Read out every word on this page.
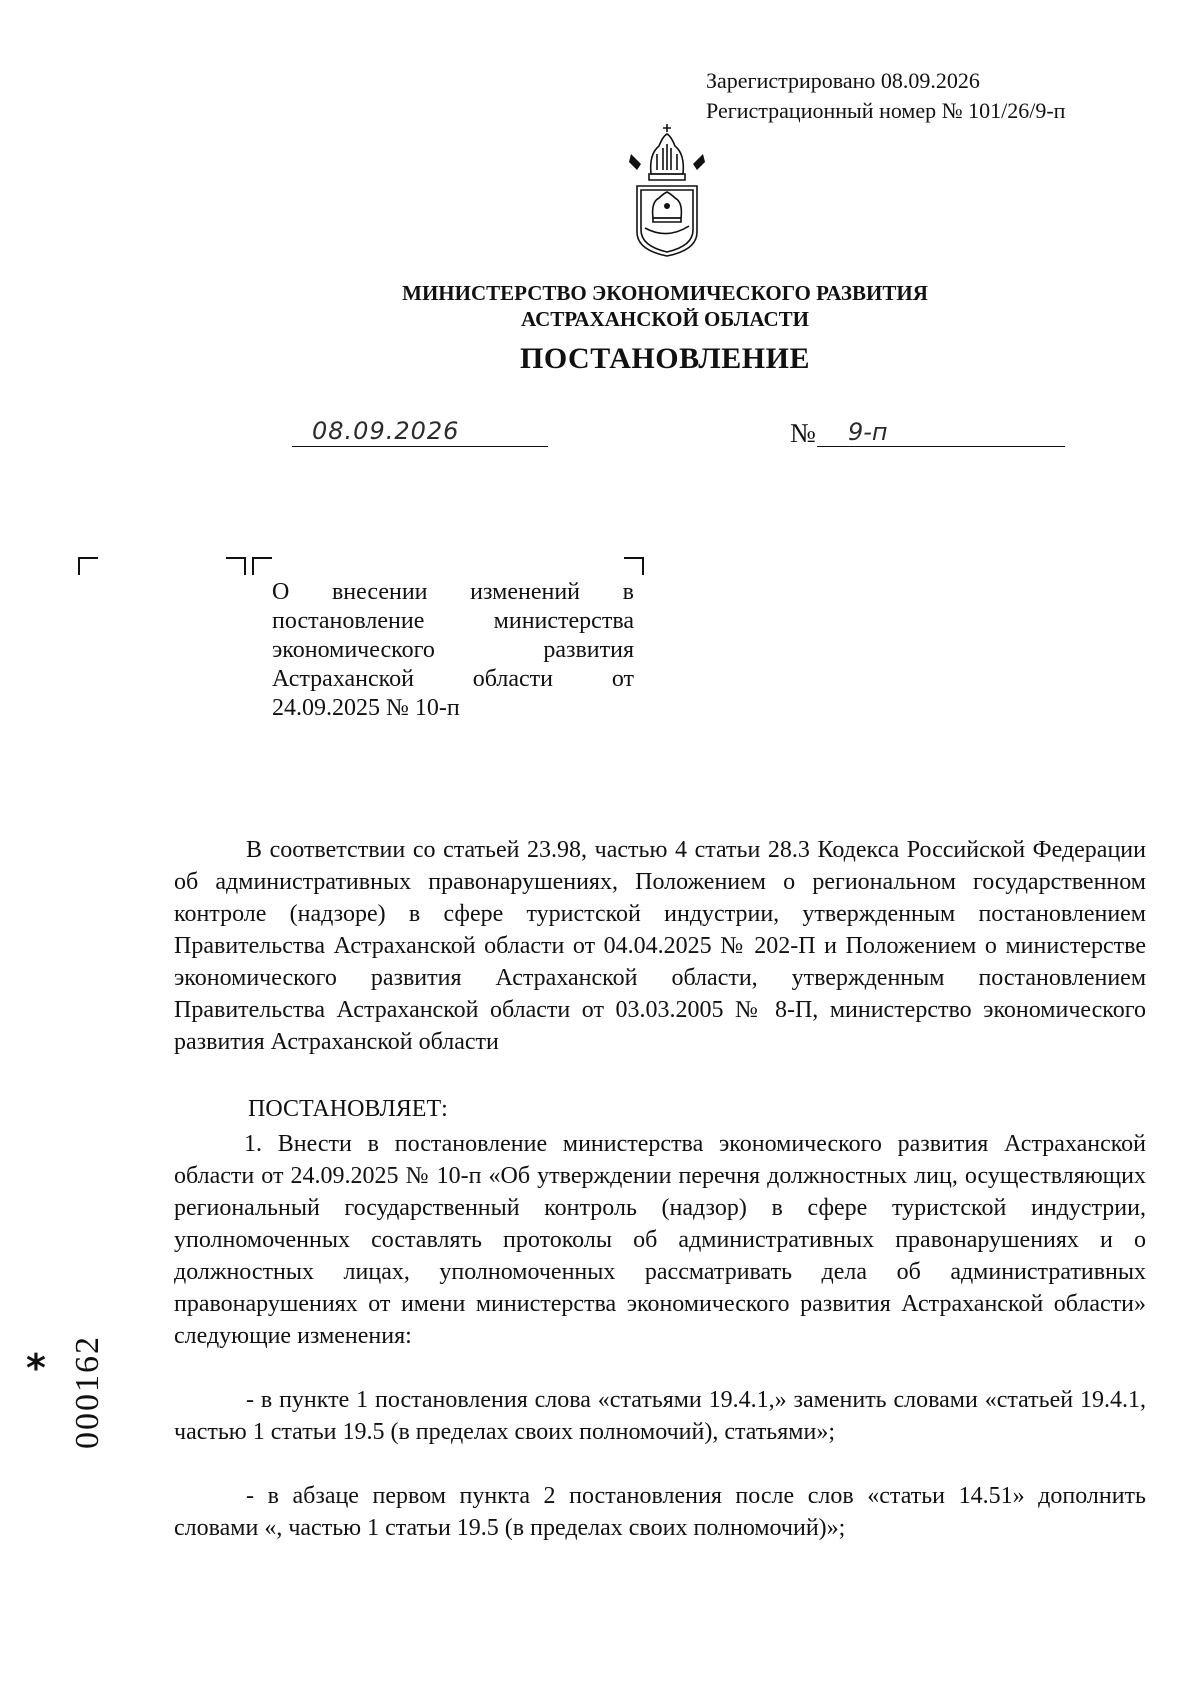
Зарегистрировано 08.09.2026
Регистрационный номер № 101/26/9-п
МИНИСТЕРСТВО ЭКОНОМИЧЕСКОГО РАЗВИТИЯ
АСТРАХАНСКОЙ ОБЛАСТИ
ПОСТАНОВЛЕНИЕ
08.09.2026	№ 9-п
О внесении изменений в постановление министерства экономического развития Астраханской области от 24.09.2025 № 10-п
В соответствии со статьей 23.98, частью 4 статьи 28.3 Кодекса Российской Федерации об административных правонарушениях, Положением о региональном государственном контроле (надзоре) в сфере туристской индустрии, утвержденным постановлением Правительства Астраханской области от 04.04.2025 № 202-П и Положением о министерстве экономического развития Астраханской области, утвержденным постановлением Правительства Астраханской области от 03.03.2005 № 8-П, министерство экономического развития Астраханской области
ПОСТАНОВЛЯЕТ:
1. Внести в постановление министерства экономического развития Астраханской области от 24.09.2025 № 10-п «Об утверждении перечня должностных лиц, осуществляющих региональный государственный контроль (надзор) в сфере туристской индустрии, уполномоченных составлять протоколы об административных правонарушениях и о должностных лицах, уполномоченных рассматривать дела об административных правонарушениях от имени министерства экономического развития Астраханской области» следующие изменения:
- в пункте 1 постановления слова «статьями 19.4.1,» заменить словами «статьей 19.4.1, частью 1 статьи 19.5 (в пределах своих полномочий), статьями»;
- в абзаце первом пункта 2 постановления после слов «статьи 14.51» дополнить словами «, частью 1 статьи 19.5 (в пределах своих полномочий)»;
* 000162
